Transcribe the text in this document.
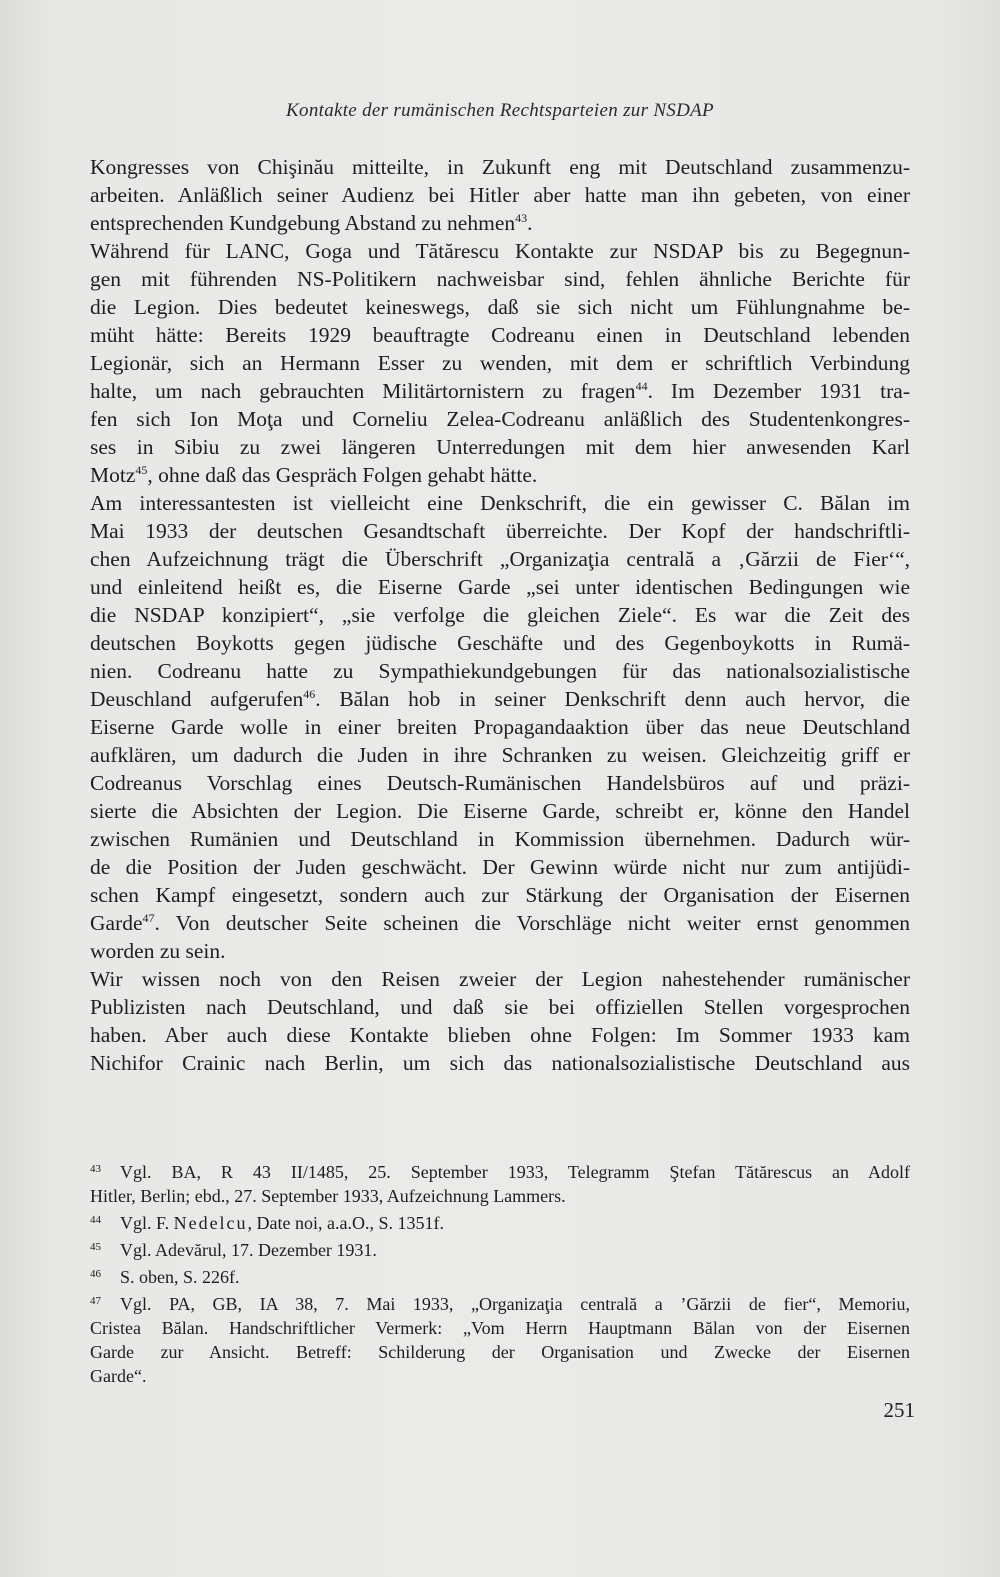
Kontakte der rumänischen Rechtsparteien zur NSDAP
Kongresses von Chişinău mitteilte, in Zukunft eng mit Deutschland zusammenzu-
arbeiten. Anläßlich seiner Audienz bei Hitler aber hatte man ihn gebeten, von einer
entsprechenden Kundgebung Abstand zu nehmen$^{43}$.
Während für LANC, Goga und Tătărescu Kontakte zur NSDAP bis zu Begegnun-
gen mit führenden NS-Politikern nachweisbar sind, fehlen ähnliche Berichte für
die Legion. Dies bedeutet keineswegs, daß sie sich nicht um Fühlungnahme be-
müht hätte: Bereits 1929 beauftragte Codreanu einen in Deutschland lebenden
Legionär, sich an Hermann Esser zu wenden, mit dem er schriftlich Verbindung
halte, um nach gebrauchten Militärtornistern zu fragen$^{44}$. Im Dezember 1931 tra-
fen sich Ion Moţa und Corneliu Zelea-Codreanu anläßlich des Studentenkongres-
ses in Sibiu zu zwei längeren Unterredungen mit dem hier anwesenden Karl
Motz$^{45}$, ohne daß das Gespräch Folgen gehabt hätte.
Am interessantesten ist vielleicht eine Denkschrift, die ein gewisser C. Bălan im
Mai 1933 der deutschen Gesandtschaft überreichte. Der Kopf der handschriftli-
chen Aufzeichnung trägt die Überschrift „Organizaţia centrală a ‚Gărzii de Fier‘“,
und einleitend heißt es, die Eiserne Garde „sei unter identischen Bedingungen wie
die NSDAP konzipiert“, „sie verfolge die gleichen Ziele“. Es war die Zeit des
deutschen Boykotts gegen jüdische Geschäfte und des Gegenboykotts in Rumä-
nien. Codreanu hatte zu Sympathiekundgebungen für das nationalsozialistische
Deuschland aufgerufen$^{46}$. Bălan hob in seiner Denkschrift denn auch hervor, die
Eiserne Garde wolle in einer breiten Propagandaaktion über das neue Deutschland
aufklären, um dadurch die Juden in ihre Schranken zu weisen. Gleichzeitig griff er
Codreanus Vorschlag eines Deutsch-Rumänischen Handelsbüros auf und präzi-
sierte die Absichten der Legion. Die Eiserne Garde, schreibt er, könne den Handel
zwischen Rumänien und Deutschland in Kommission übernehmen. Dadurch wür-
de die Position der Juden geschwächt. Der Gewinn würde nicht nur zum antijüdi-
schen Kampf eingesetzt, sondern auch zur Stärkung der Organisation der Eisernen
Garde$^{47}$. Von deutscher Seite scheinen die Vorschläge nicht weiter ernst genommen
worden zu sein.
Wir wissen noch von den Reisen zweier der Legion nahestehender rumänischer
Publizisten nach Deutschland, und daß sie bei offiziellen Stellen vorgesprochen
haben. Aber auch diese Kontakte blieben ohne Folgen: Im Sommer 1933 kam
Nichifor Crainic nach Berlin, um sich das nationalsozialistische Deutschland aus
43 Vgl. BA, R 43 II/1485, 25. September 1933, Telegramm Ştefan Tătărescus an Adolf
Hitler, Berlin; ebd., 27. September 1933, Aufzeichnung Lammers.
44 Vgl. F. Nedelcu, Date noi, a.a.O., S. 1351f.
45 Vgl. Adevărul, 17. Dezember 1931.
46 S. oben, S. 226f.
47 Vgl. PA, GB, IA 38, 7. Mai 1933, „Organizaţia centrală a ’Gărzii de fier“, Memoriu,
Cristea Bălan. Handschriftlicher Vermerk: „Vom Herrn Hauptmann Bălan von der Eisernen
Garde zur Ansicht. Betreff: Schilderung der Organisation und Zwecke der Eisernen
Garde“.
251
